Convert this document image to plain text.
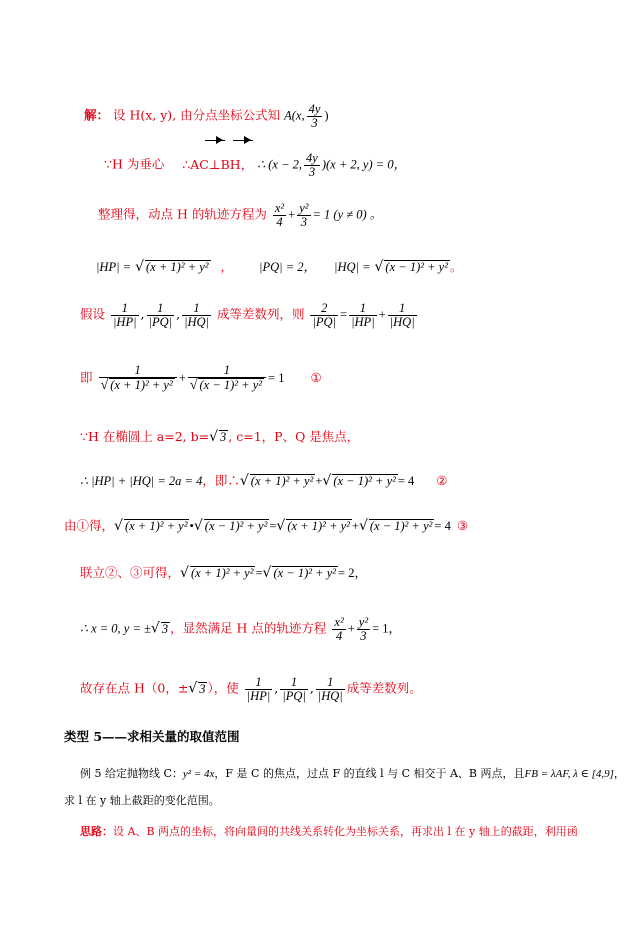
解： 设 H(x, y), 由分点坐标公式知 A(x, $\frac{4y}{3}$ )
∵H 为垂心 ∴AC⊥BH， ∴ (x − 2, $\frac{4y}{3} )(x + 2$, y) = 0，
整理得，动点 H 的轨迹方程为 $\frac{\text{x²}}{4} + \frac{\text{y²}}{3} = 1$ (y ≠ 0) 。
|HP| = √ (x + 1)² + y² ， |PQ| = 2， |HQ| = √ (x − 1)² + y² 。
假设 $\frac{1}{|HP|}$ , $\frac{1}{|PQ|}$ , $\frac{1}{|HQ|}$ 成等差数列，则 $\frac{2}{|PQ|} = \frac{1}{|HP|} + \frac{1}{|HQ|}$
即 $\frac{1}{\text{√ (x + 1)² + y²}} + \frac{1}{\text{√ (x − 1)² + y²}} = 1$ ①
∵H 在椭圆上 a=2, b=√ 3 , c=1，P、Q 是焦点，
∴ |HP| + |HQ| = 2a = 4，即∴√ (x + 1)² + y² +√ (x − 1)² + y² = 4 ②
由①得，√ (x + 1)² + y² •√ (x − 1)² + y² =√ (x + 1)² + y² +√ (x − 1)² + y² = 4 ③
联立②、③可得，√ (x + 1)² + y² =√ (x − 1)² + y² = 2，
∴ x = 0, y = ±√ 3 ，显然满足 H 点的轨迹方程 $\frac{\text{x²}}{4} + \frac{\text{y²}}{3} = 1$，
故存在点 H（0，±√ 3 ），使 $\frac{1}{|HP|}$ , $\frac{1}{|PQ|}$ , $\frac{1}{|HQ|}$ 成等差数列。
类型 5——求相关量的取值范围
例 5 给定抛物线 C：y² = 4x，F 是 C 的焦点，过点 F 的直线 l 与 C 相交于 A、B 两点，且FB = λAF, λ ∈ [4,9]，
求 l 在 y 轴上截距的变化范围。
思路：设 A、B 两点的坐标，将向量间的共线关系转化为坐标关系，再求出 l 在 y 轴上的截距，利用函
